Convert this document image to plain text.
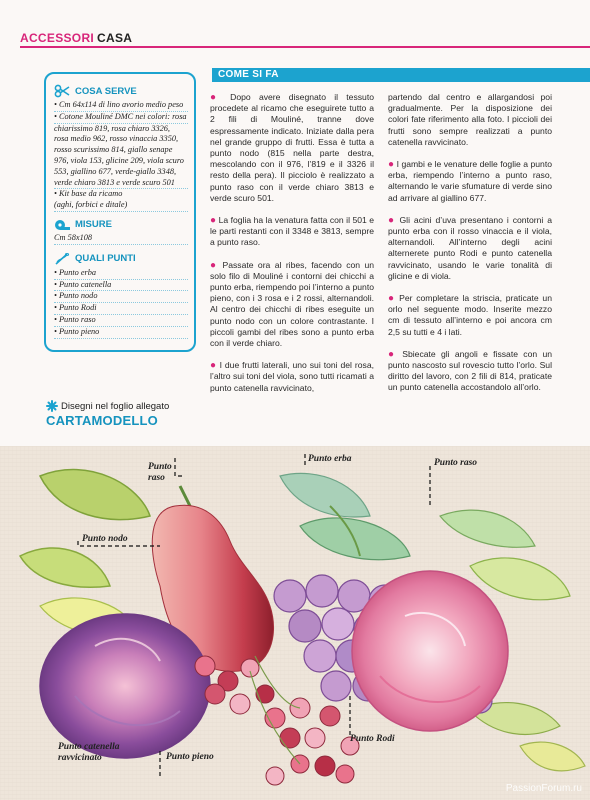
ACCESSORI CASA
COSA SERVE
• Cm 64x114 di lino avorio medio peso
• Cotone Mouliné DMC nei colori: rosa
chiarissimo 819, rosa chiaro 3326,
rosa medio 962, rosso vinaccia 3350,
rosso scurissimo 814, giallo senape
976, viola 153, glicine 209, viola scuro
553, giallino 677, verde-giallo 3348,
verde chiaro 3813 e verde scuro 501
• Kit base da ricamo
(aghi, forbici e ditale)
MISURE
Cm 58x108
QUALI PUNTI
• Punto erba
• Punto catenella
• Punto nodo
• Punto Rodi
• Punto raso
• Punto pieno
Disegni nel foglio allegato
CARTAMODELLO
COME SI FA

● Dopo avere disegnato il tessuto procedete al ricamo che eseguirete tutto a 2 fili di Mouliné, tranne dove espressamente indicato. Iniziate dalla pera nel grande gruppo di frutti. Essa è tutta a punto nodo (815 nella parte destra, mescolando con il 976, l’819 e il 3326 il resto della pera). Il picciolo è realizzato a punto raso con il verde chiaro 3813 e verde scuro 501.

● La foglia ha la venatura fatta con il 501 e le parti restanti con il 3348 e 3813, sempre a punto raso.

● Passate ora al ribes, facendo con un solo filo di Mouliné i contorni dei chicchi a punto erba, riempendo poi l’interno a punto pieno, con i 3 rosa e i 2 rossi, alternandoli. Al centro dei chicchi di ribes eseguite un punto nodo con un colore contrastante. I piccoli gambi del ribes sono a punto erba con il verde chiaro.

● I due frutti laterali, uno sui toni del rosa, l’altro sui toni del viola, sono tutti ricamati a punto catenella ravvicinato,

partendo dal centro e allargandosi poi gradualmente. Per la disposizione dei colori fate riferimento alla foto. I piccioli dei frutti sono sempre realizzati a punto catenella ravvicinato.

● I gambi e le venature delle foglie a punto erba, riempendo l’interno a punto raso, alternando le varie sfumature di verde sino ad arrivare al giallino 677.

● Gli acini d’uva presentano i contorni a punto erba con il rosso vinaccia e il viola, alternandoli. All’interno degli acini alternerete punto Rodi e punto catenella ravvicinato, usando le varie tonalità di glicine e di viola.

● Per completare la striscia, praticate un orlo nel seguente modo. Inserite mezzo cm di tessuto all’interno e poi ancora cm 2,5 su tutti e 4 i lati.

● Sbiecate gli angoli e fissate con un punto nascosto sul rovescio tutto l’orlo. Sul diritto del lavoro, con 2 fili di 814, praticate un punto catenella accostandolo all’orlo.

Punto
raso
Punto erba	Punto raso
Punto nodo
Punto Rodi
Punto catenella
ravvicinato	Punto pieno
PassionForum.ru
